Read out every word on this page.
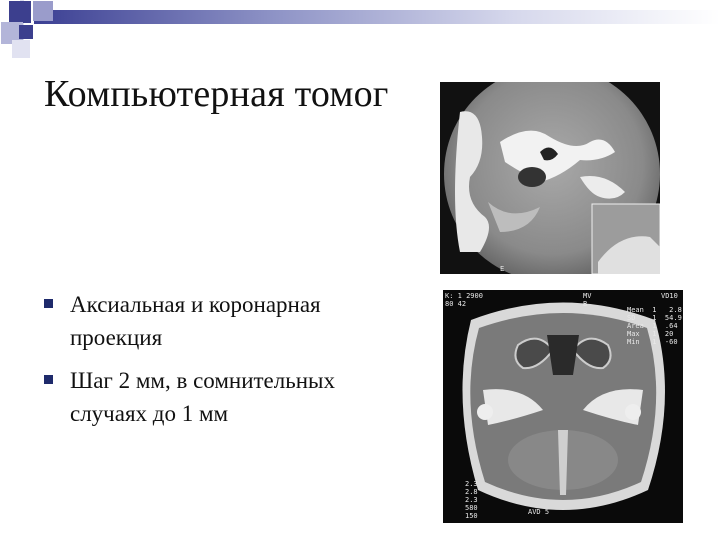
Компьютерная томог
Аксиальная и коронарная проекция
Шаг 2 мм, в сомнительных случаях до 1 мм
E
K: 1 2900
80 42
MV
B
VD10
Mean  1   2.8
SD    1  54.9
Area  1  .64
Max   1  20
Min   1  -60
2.3
2.8
2.3
580
150	AVD 5
